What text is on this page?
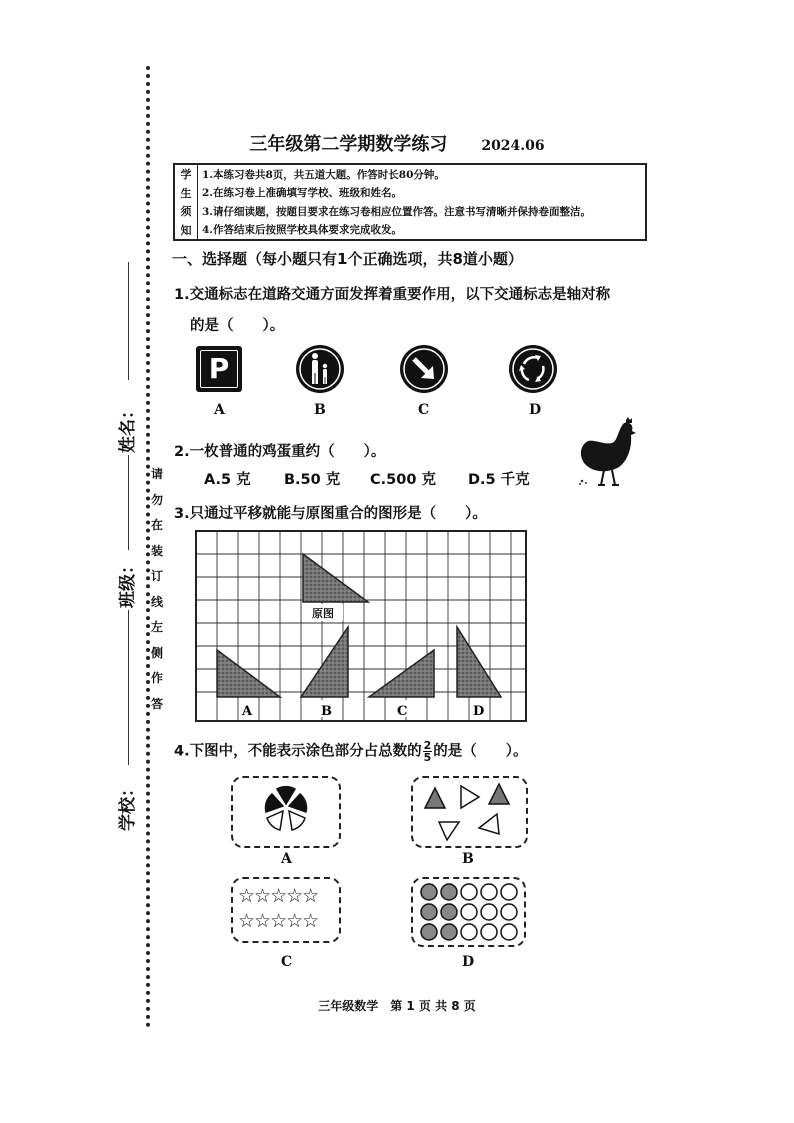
姓名：
班级：
学校：
请
勿
在
装
订
线
左
侧
作
答
三年级第二学期数学练习 2024.06
学
生
须
知
1.本练习卷共8页，共五道大题。作答时长80分钟。
2.在练习卷上准确填写学校、班级和姓名。
3.请仔细读题，按题目要求在练习卷相应位置作答。注意书写清晰并保持卷面整洁。
4.作答结束后按照学校具体要求完成收发。
一、选择题（每小题只有1个正确选项，共8道小题）
1.交通标志在道路交通方面发挥着重要作用，以下交通标志是轴对称
的是（　　）。
P
A	B	C	D
2.一枚普通的鸡蛋重约（　　）。
A.5 克 B.50 克 C.500 克 D.5 千克
3.只通过平移就能与原图重合的图形是（　　）。
原图
A	B	C	D
4.下图中，不能表示涂色部分占总数的 $\frac{2}{5}$ 的是（　　）。
A	B
☆☆☆☆☆
☆☆☆☆☆
C	D
三年级数学　第 1 页 共 8 页
